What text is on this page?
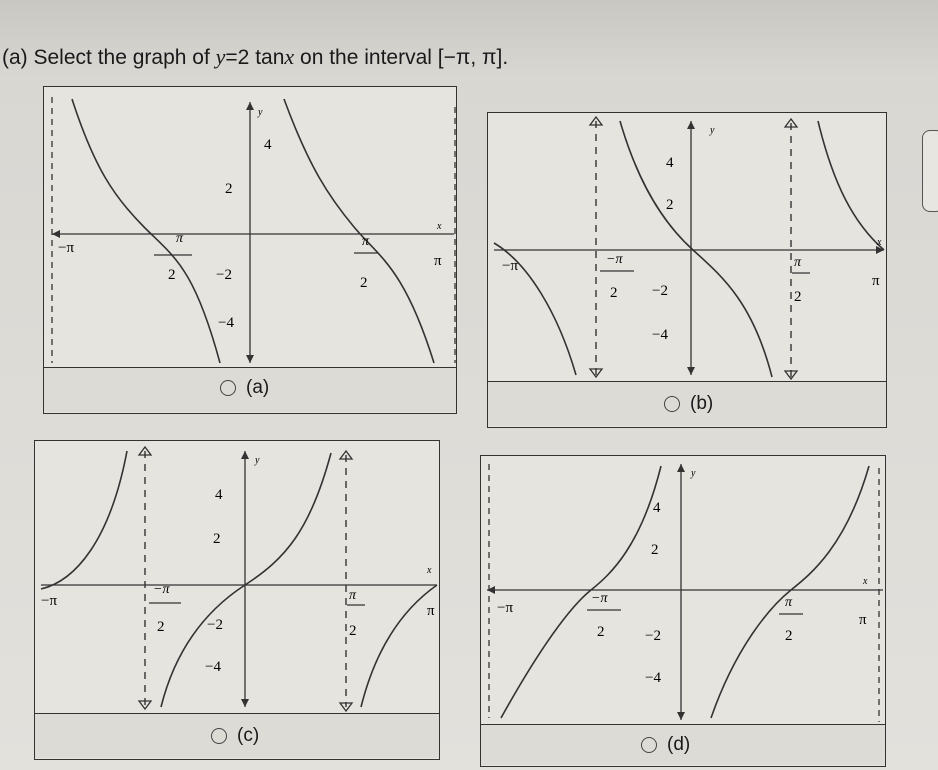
(a) Select the graph of y=2 tanx on the interval [−π, π].
4
2
−2
−4
−π
π
2
π
2
π
x
y
(a)
4
2
−2
−4
−π	−π
2
π
2
π
x
y
(b)
4
2
−2
−4
−π
−π
2
π
2
π
x
y
(c)
4
2
−2
−4
−π
−π
2
π
2
π
x
y
(d)
